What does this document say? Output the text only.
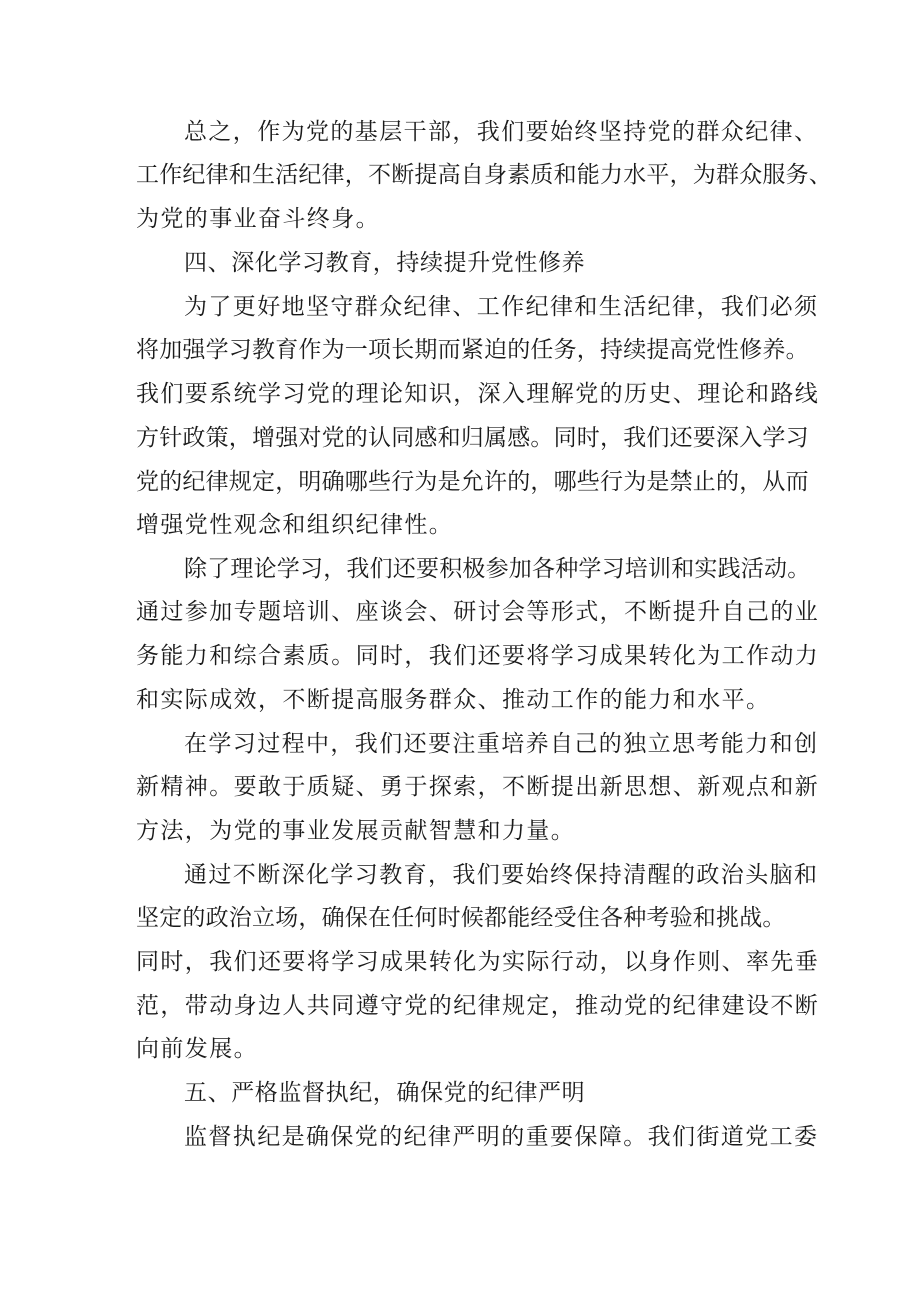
总之，作为党的基层干部，我们要始终坚持党的群众纪律、
工作纪律和生活纪律，不断提高自身素质和能力水平，为群众服务、
为党的事业奋斗终身。
四、深化学习教育，持续提升党性修养
为了更好地坚守群众纪律、工作纪律和生活纪律，我们必须
将加强学习教育作为一项长期而紧迫的任务，持续提高党性修养。
我们要系统学习党的理论知识，深入理解党的历史、理论和路线
方针政策，增强对党的认同感和归属感。同时，我们还要深入学习
党的纪律规定，明确哪些行为是允许的，哪些行为是禁止的，从而
增强党性观念和组织纪律性。
除了理论学习，我们还要积极参加各种学习培训和实践活动。
通过参加专题培训、座谈会、研讨会等形式，不断提升自己的业
务能力和综合素质。同时，我们还要将学习成果转化为工作动力
和实际成效，不断提高服务群众、推动工作的能力和水平。
在学习过程中，我们还要注重培养自己的独立思考能力和创
新精神。要敢于质疑、勇于探索，不断提出新思想、新观点和新
方法，为党的事业发展贡献智慧和力量。
通过不断深化学习教育，我们要始终保持清醒的政治头脑和
坚定的政治立场，确保在任何时候都能经受住各种考验和挑战。
同时，我们还要将学习成果转化为实际行动，以身作则、率先垂
范，带动身边人共同遵守党的纪律规定，推动党的纪律建设不断
向前发展。
五、严格监督执纪，确保党的纪律严明
监督执纪是确保党的纪律严明的重要保障。我们街道党工委
